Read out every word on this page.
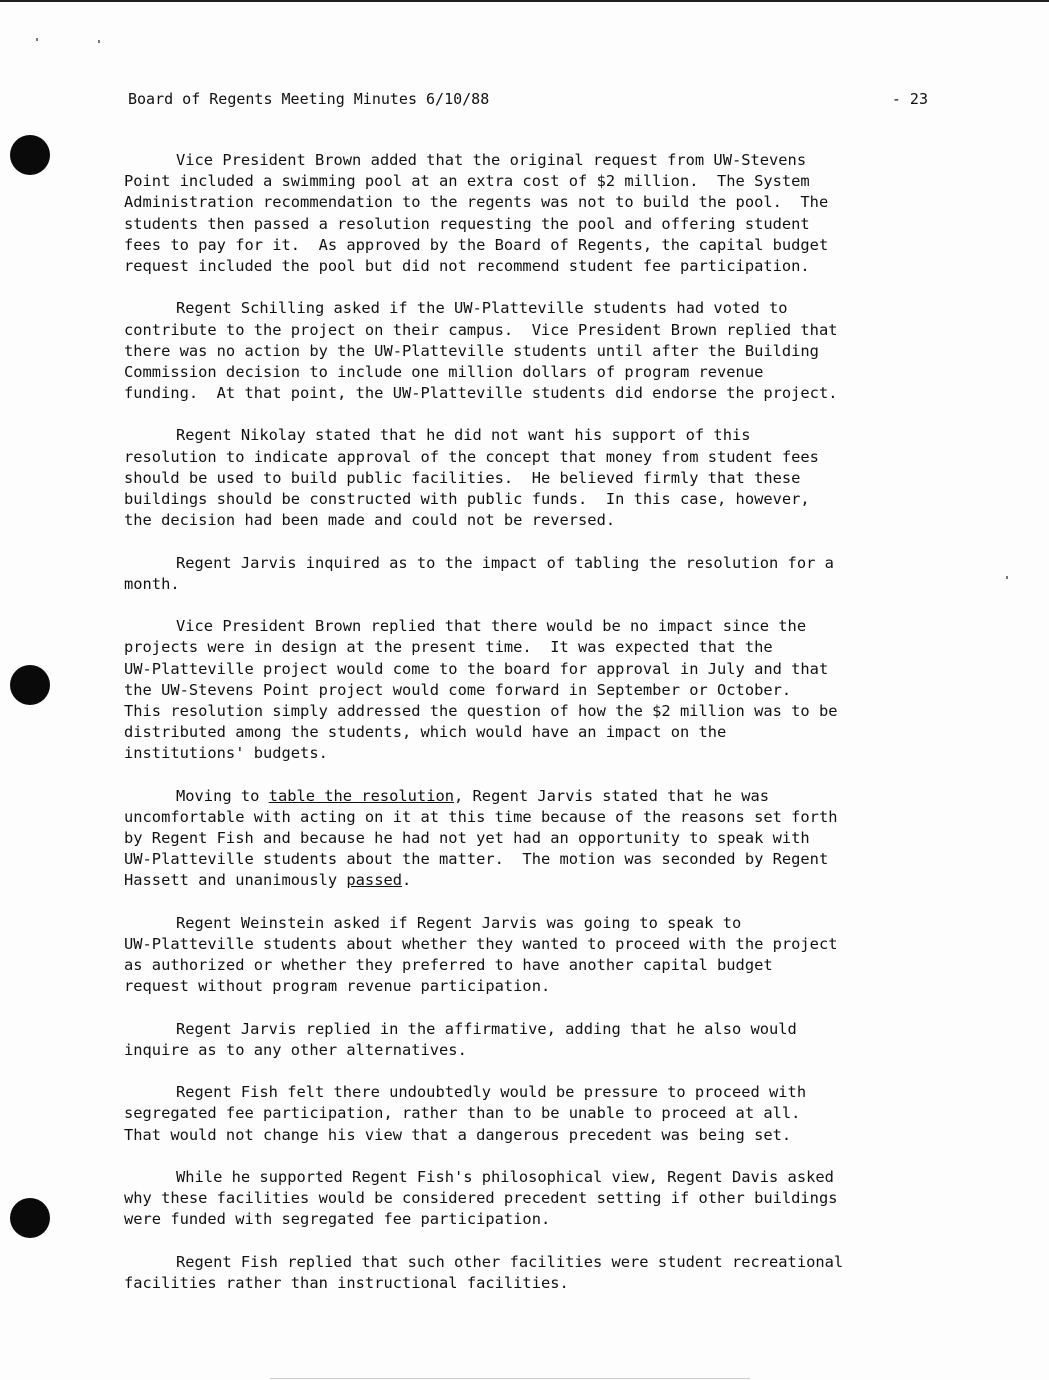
Board of Regents Meeting Minutes 6/10/88	- 23
Vice President Brown added that the original request from UW-Stevens
Point included a swimming pool at an extra cost of $2 million.  The System
Administration recommendation to the regents was not to build the pool.  The
students then passed a resolution requesting the pool and offering student
fees to pay for it.  As approved by the Board of Regents, the capital budget
request included the pool but did not recommend student fee participation.
Regent Schilling asked if the UW-Platteville students had voted to
contribute to the project on their campus.  Vice President Brown replied that
there was no action by the UW-Platteville students until after the Building
Commission decision to include one million dollars of program revenue
funding.  At that point, the UW-Platteville students did endorse the project.
Regent Nikolay stated that he did not want his support of this
resolution to indicate approval of the concept that money from student fees
should be used to build public facilities.  He believed firmly that these
buildings should be constructed with public funds.  In this case, however,
the decision had been made and could not be reversed.
Regent Jarvis inquired as to the impact of tabling the resolution for a
month.
Vice President Brown replied that there would be no impact since the
projects were in design at the present time.  It was expected that the
UW-Platteville project would come to the board for approval in July and that
the UW-Stevens Point project would come forward in September or October.
This resolution simply addressed the question of how the $2 million was to be
distributed among the students, which would have an impact on the
institutions' budgets.
Moving to table the resolution, Regent Jarvis stated that he was
uncomfortable with acting on it at this time because of the reasons set forth
by Regent Fish and because he had not yet had an opportunity to speak with
UW-Platteville students about the matter.  The motion was seconded by Regent
Hassett and unanimously passed.
Regent Weinstein asked if Regent Jarvis was going to speak to
UW-Platteville students about whether they wanted to proceed with the project
as authorized or whether they preferred to have another capital budget
request without program revenue participation.
Regent Jarvis replied in the affirmative, adding that he also would
inquire as to any other alternatives.
Regent Fish felt there undoubtedly would be pressure to proceed with
segregated fee participation, rather than to be unable to proceed at all.
That would not change his view that a dangerous precedent was being set.
While he supported Regent Fish's philosophical view, Regent Davis asked
why these facilities would be considered precedent setting if other buildings
were funded with segregated fee participation.
Regent Fish replied that such other facilities were student recreational
facilities rather than instructional facilities.
